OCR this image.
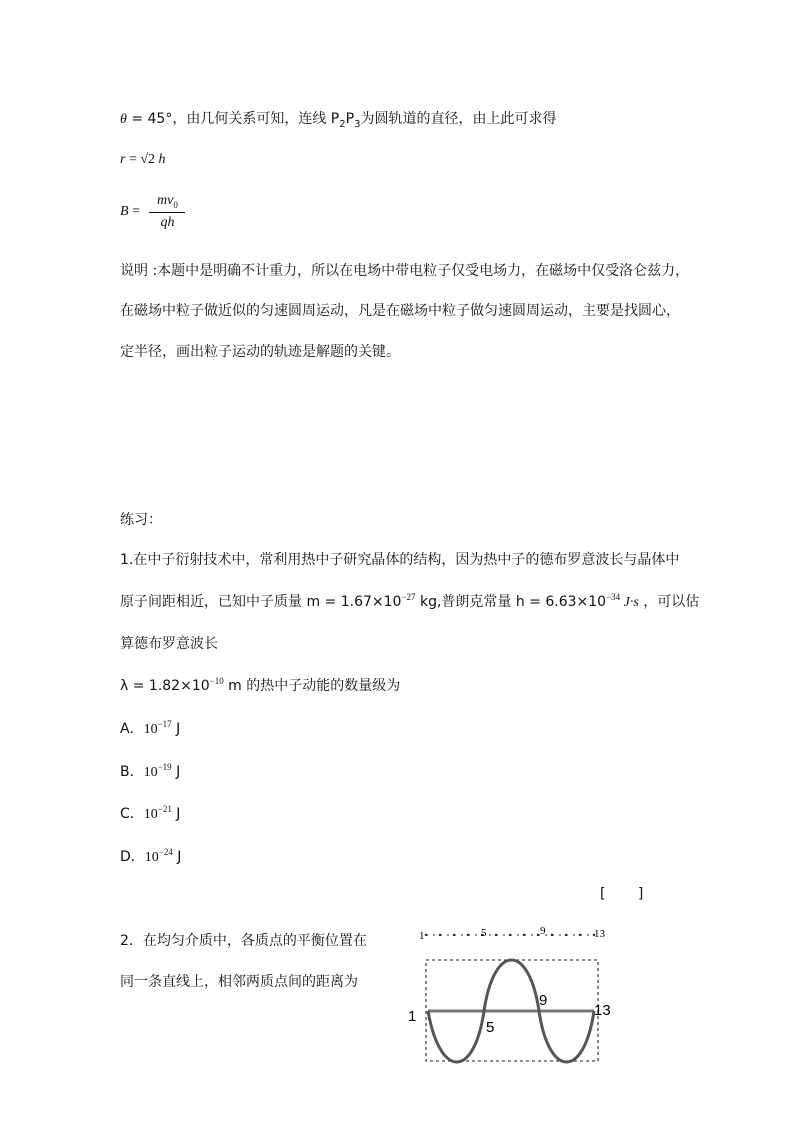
θ = 45°，由几何关系可知，连线 $P_2P_3$为圆轨道的直径，由上此可求得
r = √2 h
$B = \frac{mv_0}{qh}$
说明 :本题中是明确不计重力，所以在电场中带电粒子仅受电场力，在磁场中仅受洛仑兹力，
在磁场中粒子做近似的匀速圆周运动，凡是在磁场中粒子做匀速圆周运动，主要是找圆心，
定半径，画出粒子运动的轨迹是解题的关键。
练习：
1.在中子衍射技术中，常利用热中子研究晶体的结构，因为热中子的德布罗意波长与晶体中
原子间距相近，已知中子质量 $m = 1.67\times 10^{-27}$ kg,普朗克常量 $h = 6.63\times 10^{-34}$ J·s ，可以估
算德布罗意波长
$\lambda = 1.82\times 10^{-10}$ m 的热中子动能的数量级为
A．$10^{-17}$ J
B．$10^{-19}$ J
C．$10^{-21}$ J
D．$10^{-24}$ J
[ ]
2．在均匀介质中，各质点的平衡位置在
同一条直线上，相邻两质点间的距离为
1	5	9	13
1
5
9
13
